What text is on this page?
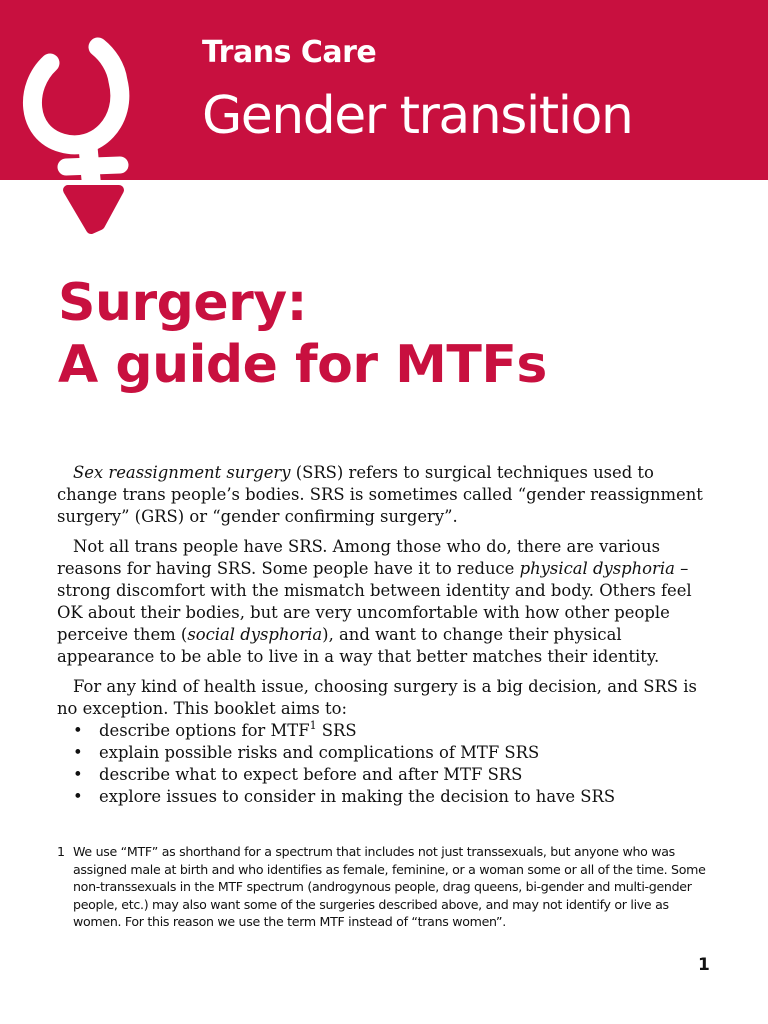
Trans Care
Gender transition
Surgery:
A guide for MTFs

Sex reassignment surgery (SRS) refers to surgical techniques used to change trans people’s bodies. SRS is sometimes called “gender reassignment surgery” (GRS) or “gender confirming surgery”.

Not all trans people have SRS. Among those who do, there are various reasons for having SRS. Some people have it to reduce physical dysphoria – strong discomfort with the mismatch between identity and body. Others feel OK about their bodies, but are very uncomfortable with how other people perceive them (social dysphoria), and want to change their physical appearance to be able to live in a way that better matches their identity.

For any kind of health issue, choosing surgery is a big decision, and SRS is no exception. This booklet aims to:

• describe options for MTF$^1$ SRS
• explain possible risks and complications of MTF SRS
• describe what to expect before and after MTF SRS
• explore issues to consider in making the decision to have SRS
1 We use “MTF” as shorthand for a spectrum that includes not just transsexuals, but anyone who was assigned male at birth and who identifies as female, feminine, or a woman some or all of the time. Some non-transsexuals in the MTF spectrum (androgynous people, drag queens, bi-gender and multi-gender people, etc.) may also want some of the surgeries described above, and may not identify or live as women. For this reason we use the term MTF instead of “trans women”.
1
